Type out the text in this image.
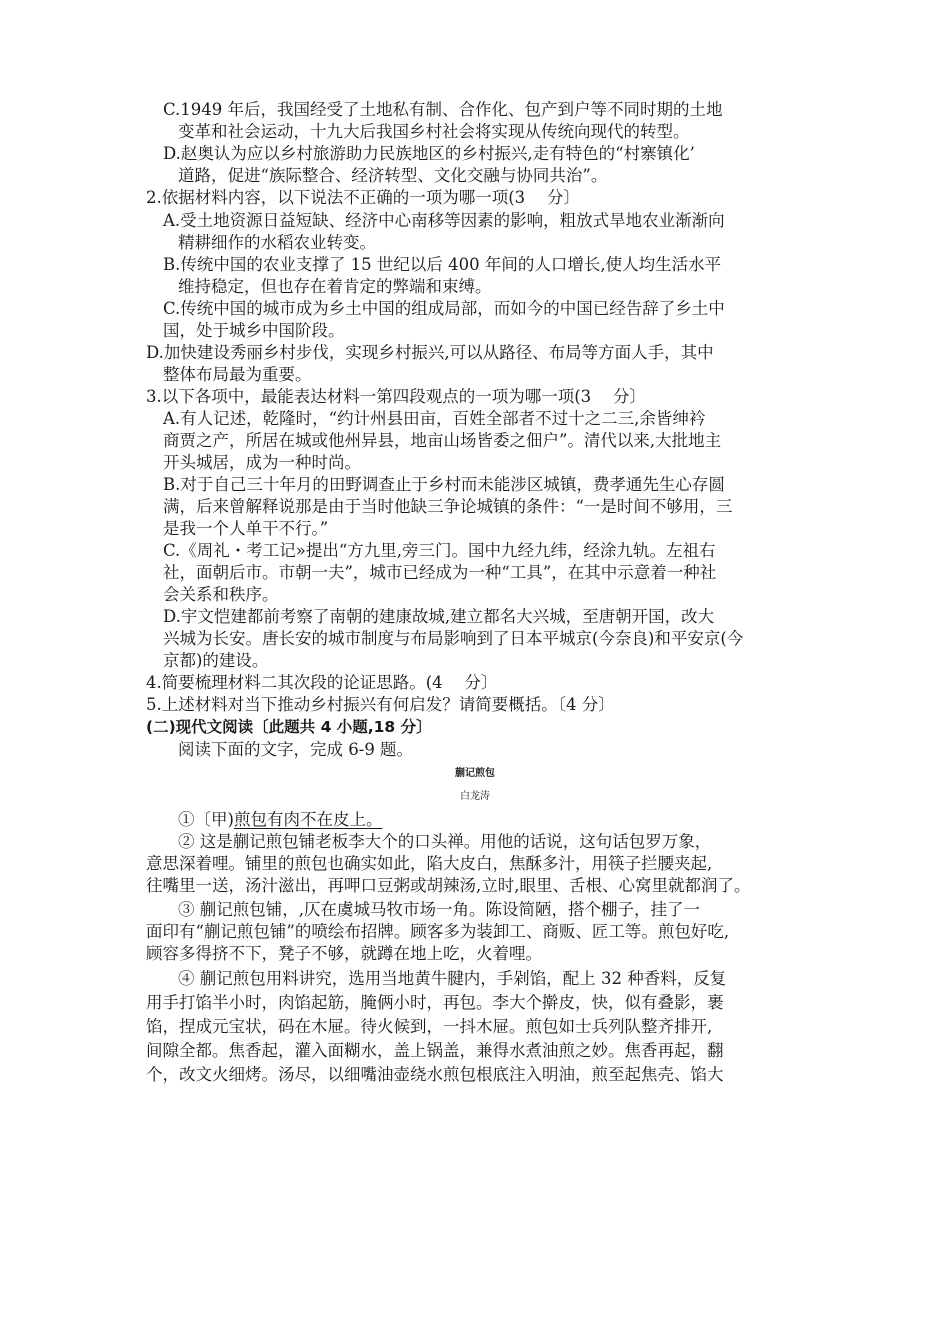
C.1949 年后，我国经受了土地私有制、合作化、包产到户等不同时期的土地
变革和社会运动，十九大后我国乡村社会将实现从传统向现代的转型。
D.赵奥认为应以乡村旅游助力民族地区的乡村振兴,走有特色的“村寨镇化’
道路，促进“族际整合、经济转型、文化交融与协同共治”。
2.依据材料内容，以下说法不正确的一项为哪一项(3　 分〕
A.受土地资源日益短缺、经济中心南移等因素的影响，粗放式旱地农业渐渐向
精耕细作的水稻农业转变。
B.传统中国的农业支撑了 15 世纪以后 400 年间的人口增长,使人均生活水平
维持稳定，但也存在着肯定的弊端和束缚。
C.传统中国的城市成为乡土中国的组成局部，而如今的中国已经告辞了乡土中
国，处于城乡中国阶段。
D.加快建设秀丽乡村步伐，实现乡村振兴,可以从路径、布局等方面人手，其中
整体布局最为重要。
3.以下各项中，最能表达材料一第四段观点的一项为哪一项(3　 分〕
A.有人记述，乾隆时，“约计州县田亩，百姓全部者不过十之二三,余皆绅衿
商贾之产，所居在城或他州异县，地亩山场皆委之佃户”。清代以来,大批地主
开头城居，成为一种时尚。
B.对于自己三十年月的田野调查止于乡村而未能涉区城镇，费孝通先生心存圆
满，后来曾解释说那是由于当时他缺三争论城镇的条件：“一是时间不够用，三
是我一个人单干不行。”
C.《周礼・考工记»提出“方九里,旁三门。国中九经九纬，经涂九轨。左祖右
社，面朝后市。市朝一夫”，城市已经成为一种“工具”，在其中示意着一种社
会关系和秩序。
D.宇文恺建都前考察了南朝的建康故城,建立都名大兴城，至唐朝开国，改大
兴城为长安。唐长安的城市制度与布局影响到了日本平城京(今奈良)和平安京(今
京都)的建设。
4.简要梳理材料二其次段的论证思路。(4　 分〕
5.上述材料对当下推动乡村振兴有何启发？请简要概括。〔4 分〕
(二)现代文阅读〔此题共 4 小题,18 分〕
阅读下面的文字，完成 6-9 题。
蒯记煎包
白龙涛
①〔甲)煎包有肉不在皮上。
② 这是蒯记煎包铺老板李大个的口头禅。用他的话说，这句话包罗万象，
意思深着哩。铺里的煎包也确实如此，陷大皮白，焦酥多汁，用筷子拦腰夹起,
往嘴里一送，汤汁滋出，再呷口豆粥或胡辣汤,立时,眼里、舌根、心窝里就都润了。
③ 蒯记煎包铺，,仄在虞城马牧市场一角。陈设简陋，搭个棚子，挂了一
面印有“蒯记煎包铺”的喷绘布招牌。顾客多为装卸工、商贩、匠工等。煎包好吃,
顾容多得挤不下，凳子不够，就蹲在地上吃，火着哩。
④ 蒯记煎包用料讲究，选用当地黄牛腱内，手剁馅，配上 32 种香料，反复
用手打馅半小时，肉馅起筋，腌俩小时，再包。李大个擀皮，快，似有叠影，裹
馅，捏成元宝状，码在木屉。待火候到，一抖木屉。煎包如士兵列队整齐排开,
间隙全都。焦香起，灌入面糊水，盖上锅盖，兼得水煮油煎之妙。焦香再起，翻
个，改文火细烤。汤尽，以细嘴油壶绕水煎包根底注入明油，煎至起焦壳、馅大
